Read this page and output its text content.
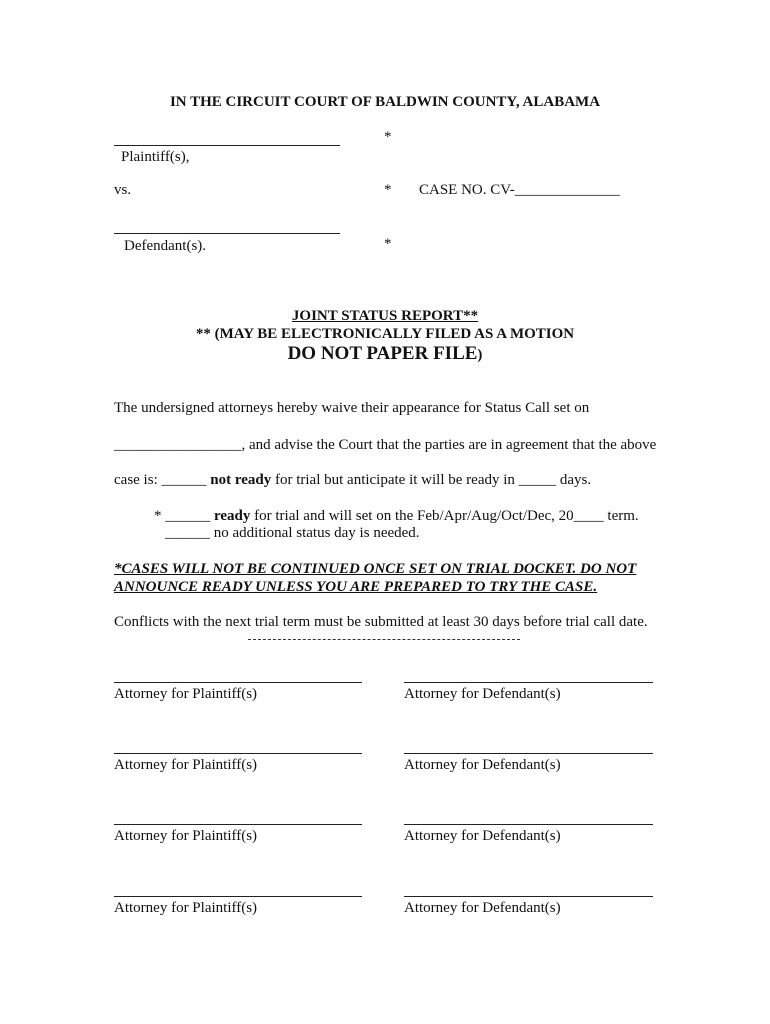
IN THE CIRCUIT COURT OF BALDWIN COUNTY, ALABAMA
*
Plaintiff(s),
vs.	* CASE NO. CV-______________
*
Defendant(s).
JOINT STATUS REPORT**
** (MAY BE ELECTRONICALLY FILED AS A MOTION
DO NOT PAPER FILE)
The undersigned attorneys hereby waive their appearance for Status Call set on
_________________, and advise the Court that the parties are in agreement that the above
case is: ______ not ready for trial but anticipate it will be ready in _____ days.
* ______ ready for trial and will set on the Feb/Apr/Aug/Oct/Dec, 20____ term.
______ no additional status day is needed.
*CASES WILL NOT BE CONTINUED ONCE SET ON TRIAL DOCKET. DO NOT
ANNOUNCE READY UNLESS YOU ARE PREPARED TO TRY THE CASE.
Conflicts with the next trial term must be submitted at least 30 days before trial call date.
Attorney for Plaintiff(s)	Attorney for Defendant(s)
Attorney for Plaintiff(s)	Attorney for Defendant(s)
Attorney for Plaintiff(s)	Attorney for Defendant(s)
Attorney for Plaintiff(s)	Attorney for Defendant(s)
